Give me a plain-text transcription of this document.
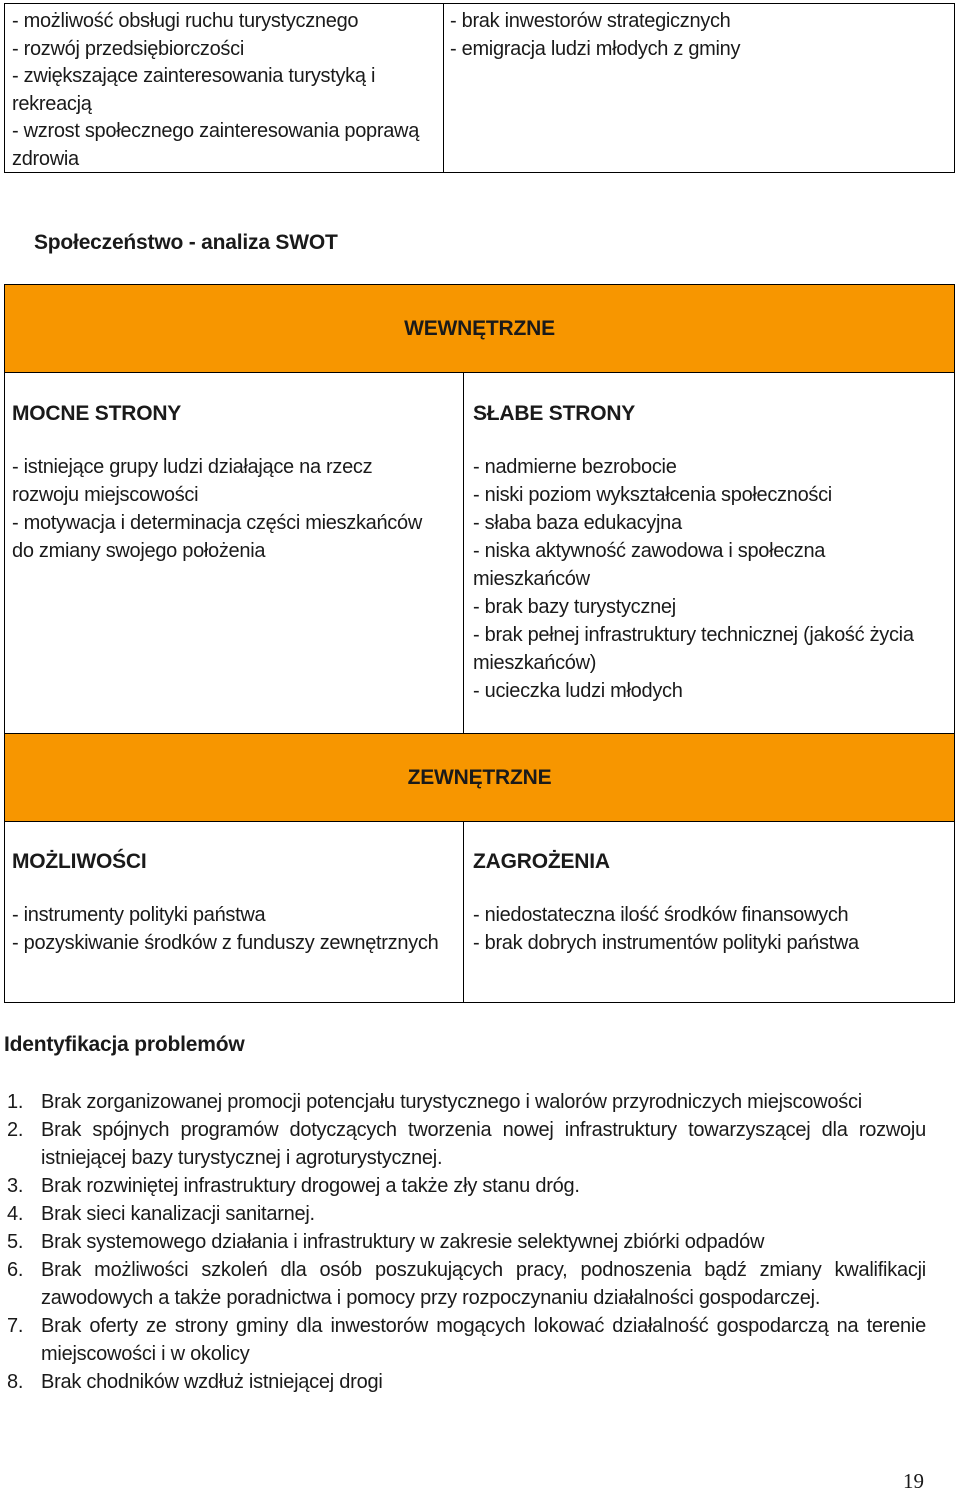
- możliwość obsługi ruchu turystycznego
- rozwój przedsiębiorczości
- zwiększające zainteresowania turystyką i
rekreacją
- wzrost społecznego zainteresowania poprawą
zdrowia
- brak inwestorów strategicznych
- emigracja ludzi młodych z gminy
Społeczeństwo - analiza SWOT
WEWNĘTRZNE
MOCNE STRONY
- istniejące grupy ludzi działające na rzecz
rozwoju miejscowości
- motywacja i determinacja części mieszkańców
do zmiany swojego położenia
SŁABE STRONY
- nadmierne bezrobocie
- niski poziom wykształcenia społeczności
- słaba baza edukacyjna
- niska aktywność zawodowa i społeczna
mieszkańców
- brak bazy turystycznej
- brak pełnej infrastruktury technicznej (jakość życia
mieszkańców)
- ucieczka ludzi młodych
ZEWNĘTRZNE
MOŻLIWOŚCI
- instrumenty polityki państwa
- pozyskiwanie środków z funduszy zewnętrznych
ZAGROŻENIA
- niedostateczna ilość środków finansowych
- brak dobrych instrumentów polityki państwa
Identyfikacja problemów
1. Brak zorganizowanej promocji potencjału turystycznego i walorów przyrodniczych miejscowości
2. Brak spójnych programów dotyczących tworzenia nowej infrastruktury towarzyszącej dla rozwoju istniejącej bazy turystycznej i agroturystycznej.
3. Brak rozwiniętej infrastruktury drogowej a także zły stanu dróg.
4. Brak sieci kanalizacji sanitarnej.
5. Brak systemowego działania i infrastruktury w zakresie selektywnej zbiórki odpadów
6. Brak możliwości szkoleń dla osób poszukujących pracy, podnoszenia bądź zmiany kwalifikacji zawodowych a także poradnictwa i pomocy przy rozpoczynaniu działalności gospodarczej.
7. Brak oferty ze strony gminy dla inwestorów mogących lokować działalność gospodarczą na terenie miejscowości i w okolicy
8. Brak chodników wzdłuż istniejącej drogi
19
